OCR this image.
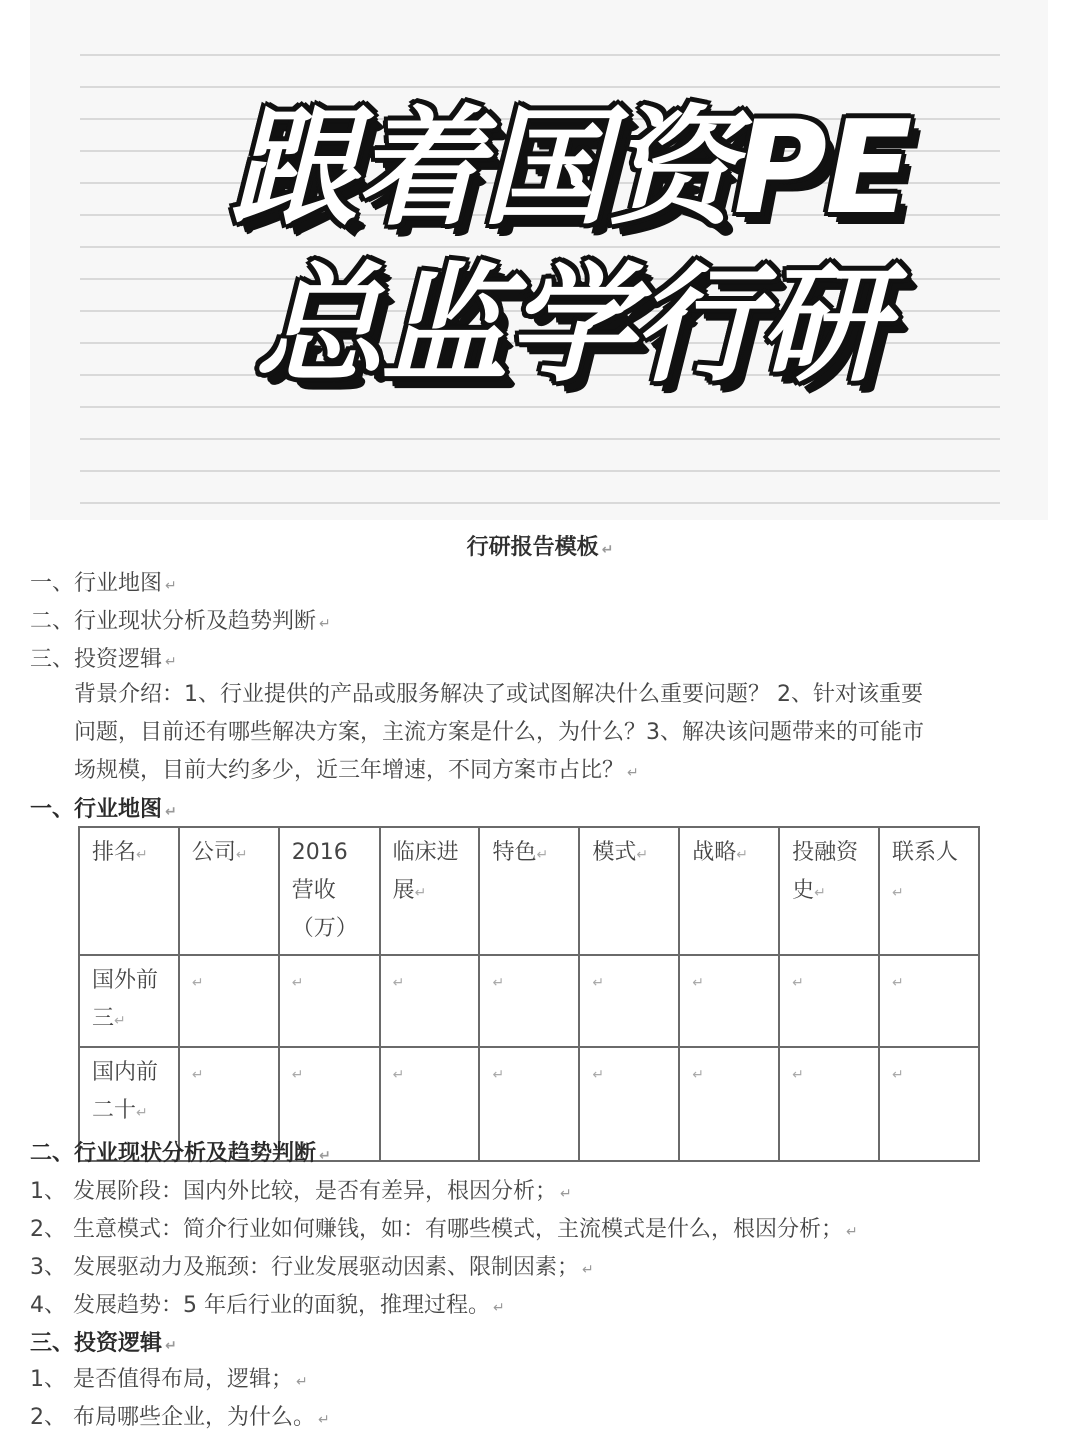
跟着国资PE
总监学行研
行研报告模板 ↵
一、行业地图 ↵
二、行业现状分析及趋势判断 ↵
三、投资逻辑 ↵
背景介绍：1、行业提供的产品或服务解决了或试图解决什么重要问题？ 2、针对该重要
问题，目前还有哪些解决方案，主流方案是什么，为什么？3、解决该问题带来的可能市
场规模，目前大约多少，近三年增速，不同方案市占比？ ↵
一、行业地图 ↵
排名↵	公司↵	2016营收（万）	临床进展↵	特色↵	模式↵	战略↵	投融资史↵	联系人↵
国外前三↵	↵	↵	↵	↵	↵	↵	↵	↵
国内前二十↵	↵	↵	↵	↵	↵	↵	↵	↵
二、行业现状分析及趋势判断 ↵
1、 发展阶段：国内外比较，是否有差异，根因分析； ↵
2、 生意模式：简介行业如何赚钱，如：有哪些模式，主流模式是什么，根因分析； ↵
3、 发展驱动力及瓶颈：行业发展驱动因素、限制因素； ↵
4、 发展趋势：5 年后行业的面貌，推理过程。 ↵
三、投资逻辑 ↵
1、 是否值得布局，逻辑； ↵
2、 布局哪些企业，为什么。 ↵
